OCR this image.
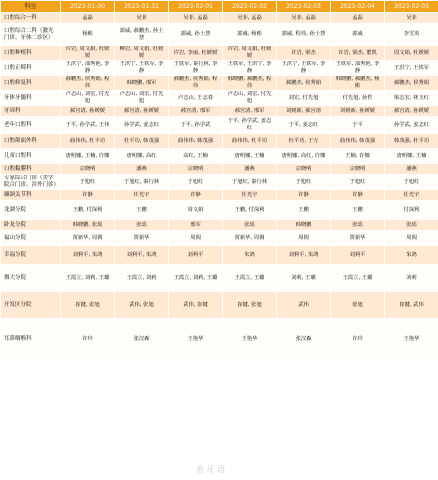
科室	2023-01-30	2023-01-31	2023-02-01	2023-02-02	2023-02-03	2023-02-04	2023-02-05
口腔综合一科	孟磊	吴菲	吴菲, 孟磊	吴菲, 孟磊	吴菲, 孟磊	孟磊	吴菲
口腔综合二科（激光门诊、牙体二诊区）	杨彬	郭威, 郝鹏杰, 孙士慧	郭威, 孙士慧	郭威, 杨彬	郭威, 程伟, 孙士慧	郭威	李雪英
口腔种植科	许岩, 周文娟, 杜媛媛	柳岩, 周文娟, 杜媛媛	许岩, 李丽, 杜媛媛	许岩, 周文娟, 杜媛媛	许岩, 梁杰	许岩, 梁杰, 董凯	周文娟, 杜媛媛
口腔正畸科	王洪宁, 邵秀艳, 李静	王洪宁, 王铁军, 李静	王铁军, 秦行林, 李静	王铁军, 王洪宁, 李静	王洪宁, 王铁军, 李静	王铁军, 邵秀艳, 李静	王洪宁, 王铁军
口腔修复科	郝鹏杰, 侯秀娟, 程伟	韩晓鹏, 邢军	郝鹏杰, 侯秀娟, 程伟	韩晓鹏, 郝鹏杰, 程伟	郝鹏杰, 侯秀娟	韩晓鹏, 郝鹏杰, 杨彬	郝鹏杰, 侯秀娟
牙体牙髓科	卢志山, 刘宏, 付先旭	卢志山, 刘宏, 付先旭	卢志山, 王志春	卢志山, 刘宏, 付先旭	刘宏, 付先旭	付先旭, 孙哲	梁志宏, 林玉红
牙周科	郝宫清, 孙媛媛	郝宫清, 孙媛媛	郝宫清, 邢军	郝宫清, 邢军	刘树新, 郝宫清	刘树新, 孙媛媛	郝宫清, 孙媛媛
老年口腔科	于平, 孙学武, 王伟	孙学武, 姜志红	于平, 孙学武	于平, 孙学武, 姜志红	于平, 姜志红	于平	孙学武, 姜志红
口腔颌面外科	曲伟伟, 杜平功	杜平功, 韩茂强	曲伟伟, 韩茂强	曲伟伟, 杜平功	杜平功, 于万	曲伟伟, 韩茂强	韩茂强, 杜平功
儿童口腔科	唐明娜, 王楠, 许娜	唐明娜, 高红	高红, 王楠	唐明娜, 王楠	唐明娜, 高红, 许娜	王楠, 许娜	唐明娜, 王楠
口腔黏膜科	宗晓明	潘燕	宗晓明	潘燕	宗晓明	宗晓明	潘燕
专家综合门诊（美学院合门诊、涉外门诊）	于旭红	于旭红, 秦行林	于旭红	于旭红, 秦行林	于旭红	于旭红	于旭红
颞颌关节科	许静	任光宇	许静	任光宇	许静	许静	任光宇
龙湖分院	王鹏, 付深利	王鹏	周文娟	王鹏, 付深利	王鹏	王鹏	付深利
卧龙分院	韩晓鹏, 张瑶	张瑶	邢军	张瑶	韩晓鹏	张瑶	张瑶
福山分院	贾新华, 周倜	贾新华	周倜	贾新华, 周倜	周倜	贾新华	周倜
幸福分院	刘利平, 朱鸿	刘利平, 朱鸿	刘利平	朱鸿	刘利平, 朱鸿	刘利平	朱鸿
烟大分院	王霞立, 刘莉, 王璐	王霞立, 刘莉	王霞立, 刘莉, 王璐	王霞立, 王璐	刘莉, 王璐	王霞立, 王璐	刘莉
开发区分院	崔键, 张旭	武伟, 张旭	武伟, 崔键	崔键, 张旭	武伟	张旭	崔键, 武伟
耳鼻咽喉科	许玲	张汉森	王艳华	王艳华	张汉森	许玲	王艳华
香 牙 语
